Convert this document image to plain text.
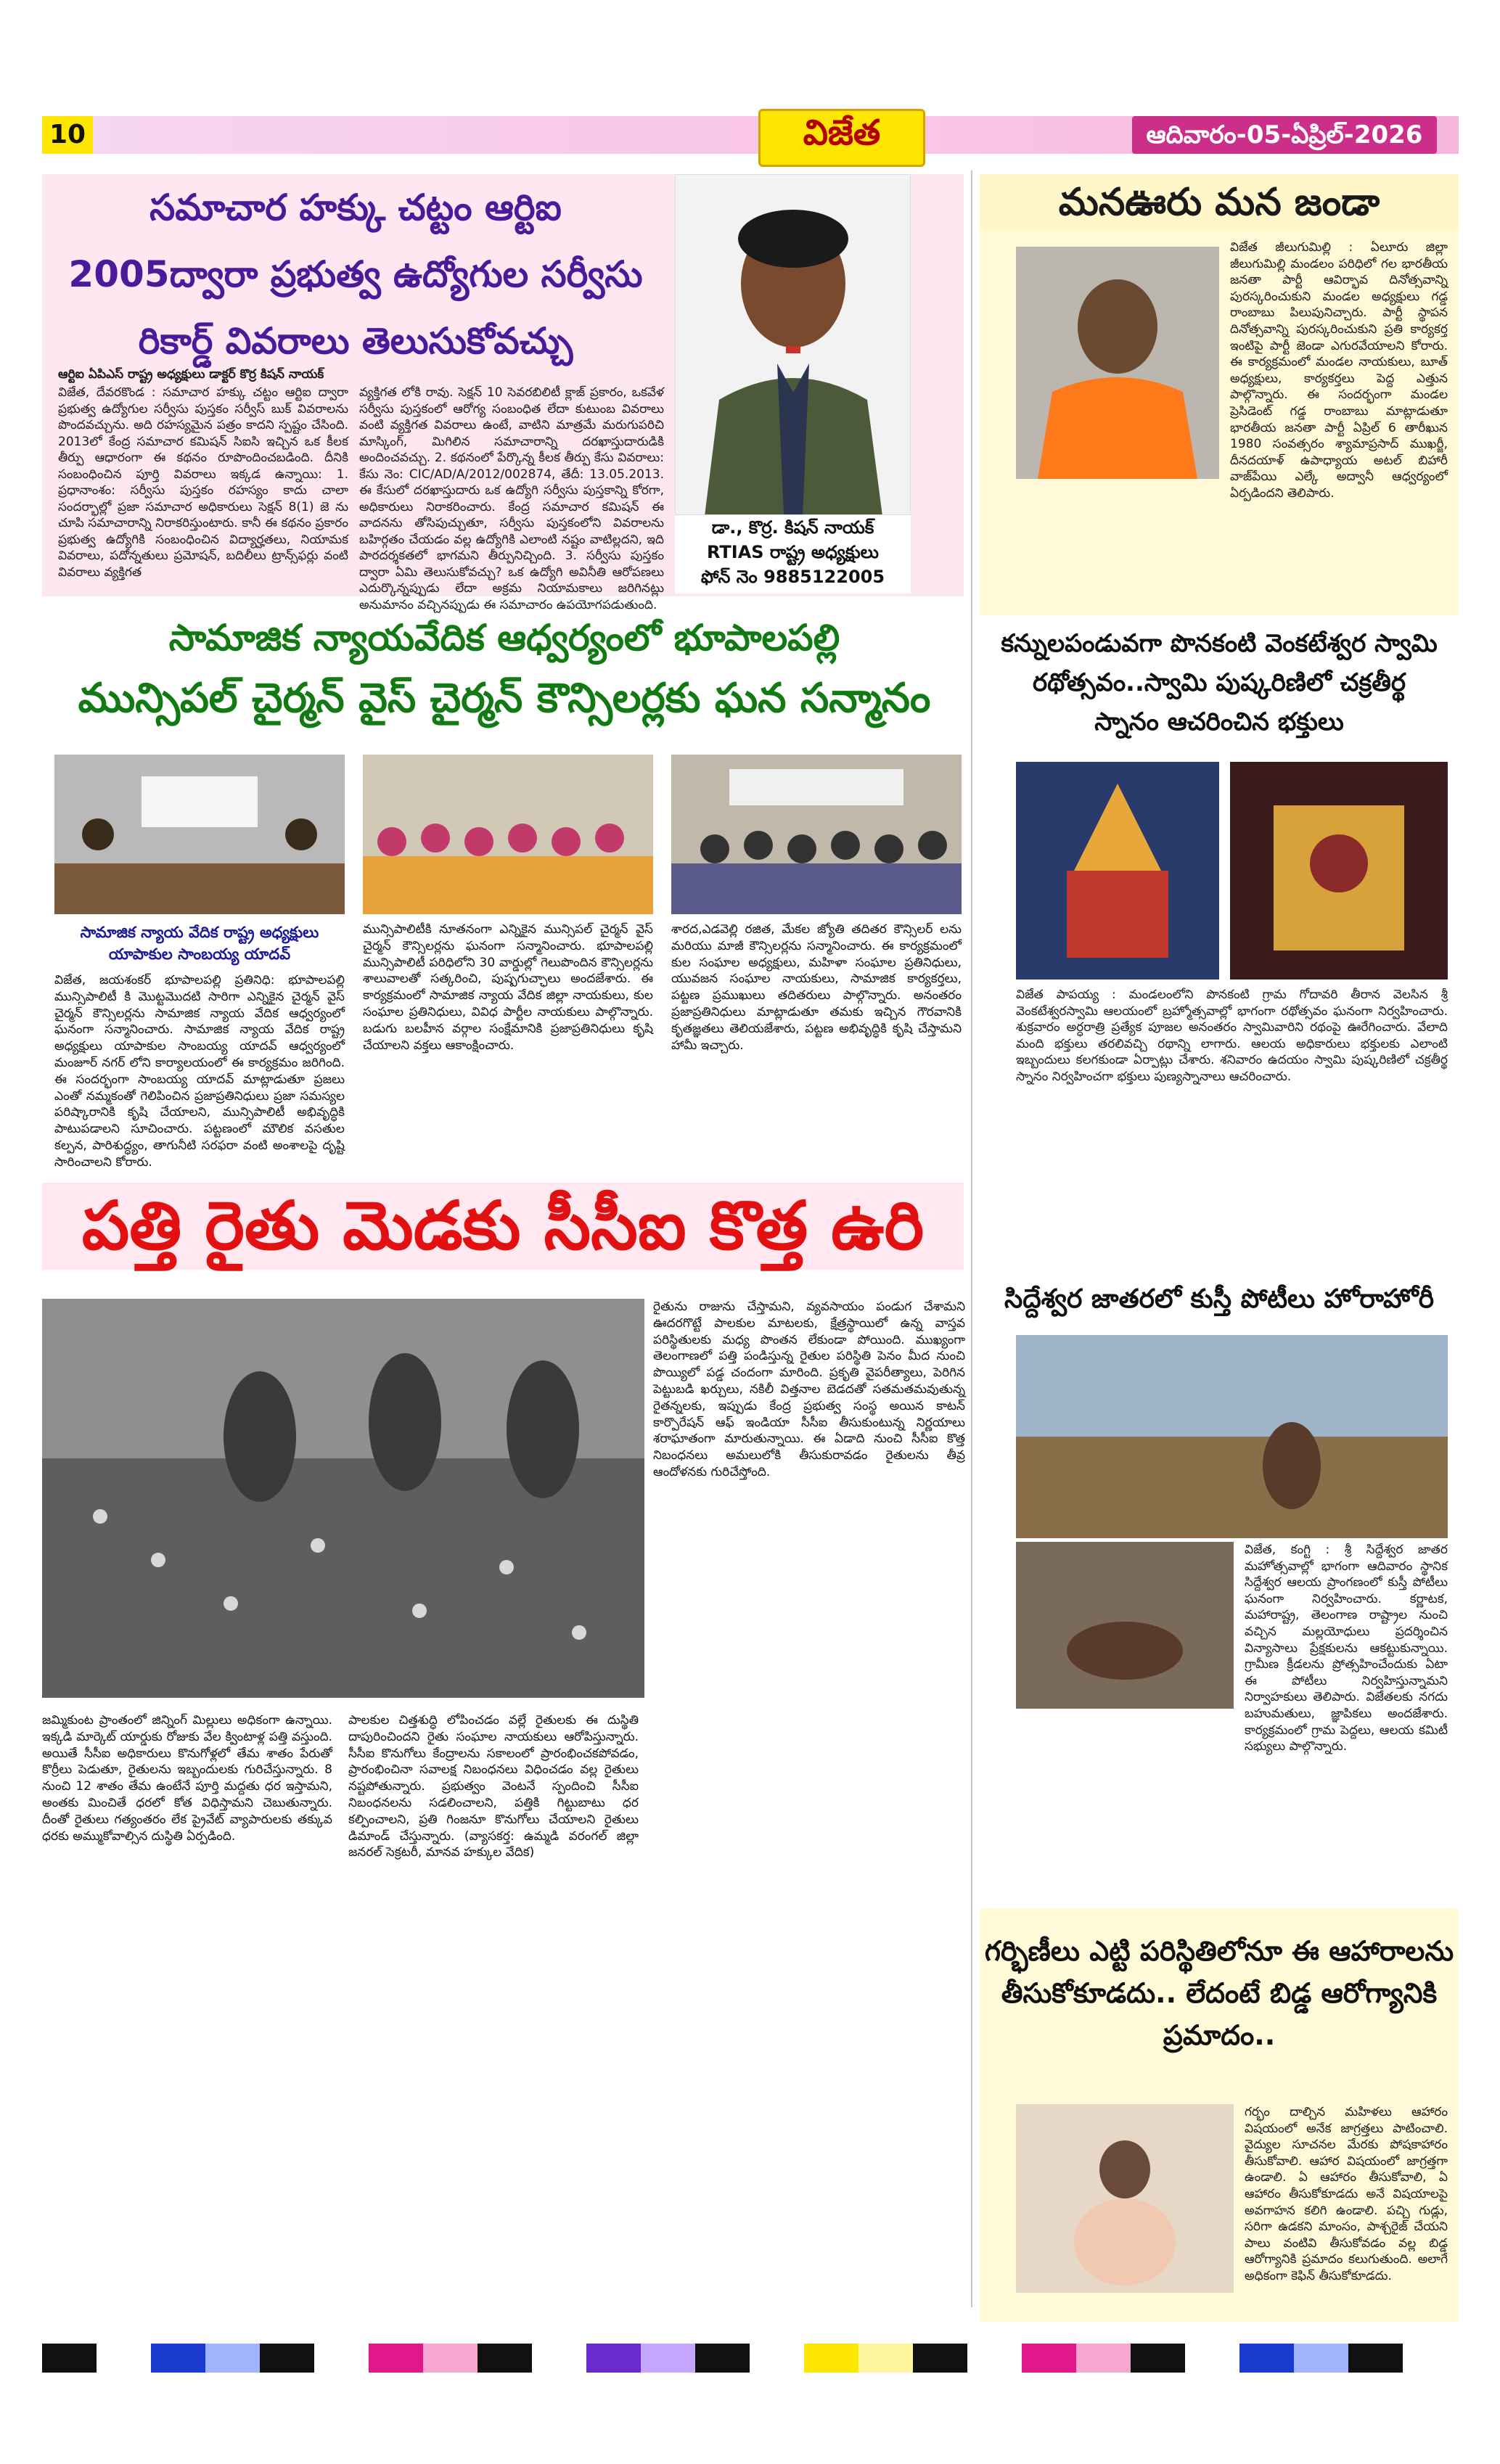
10	విజేత	ఆదివారం-05-ఏప్రిల్-2026
సమాచార హక్కు చట్టం ఆర్టిఐ
2005ద్వారా ప్రభుత్వ ఉద్యోగుల సర్వీసు
రికార్డ్ వివరాలు తెలుసుకోవచ్చు
ఆర్టిఐ ఏపిఎస్ రాష్ట్ర అధ్యక్షులు డాక్టర్ కొర్ర కిషన్ నాయక్
విజేత, దేవరకొండ : సమాచార హక్కు చట్టం ఆర్టిఐ ద్వారా ప్రభుత్వ ఉద్యోగుల సర్వీసు పుస్తకం సర్వీస్ బుక్ వివరాలను పొందవచ్చును. అది రహస్యమైన పత్రం కాదని స్పష్టం చేసింది. 2013లో కేంద్ర సమాచార కమిషన్ సిఐసి ఇచ్చిన ఒక కీలక తీర్పు ఆధారంగా ఈ కథనం రూపొందించబడింది. దీనికి సంబంధించిన పూర్తి వివరాలు ఇక్కడ ఉన్నాయి: 1. ప్రధానాంశం: సర్వీసు పుస్తకం రహస్యం కాదు చాలా సందర్భాల్లో ప్రజా సమాచార అధికారులు సెక్షన్ 8(1) జె ను చూపి సమాచారాన్ని నిరాకరిస్తుంటారు. కానీ ఈ కథనం ప్రకారం ప్రభుత్వ ఉద్యోగికి సంబంధించిన విద్యార్హతలు, నియామక వివరాలు, పదోన్నతులు ప్రమోషన్, బదిలీలు ట్రాన్స్‌ఫర్లు వంటి వివరాలు వ్యక్తిగత
వ్యక్తిగత లోకి రావు. సెక్షన్ 10 సెవరబిలిటీ క్లాజ్ ప్రకారం, ఒకవేళ సర్వీసు పుస్తకంలో ఆరోగ్య సంబంధిత లేదా కుటుంబ వివరాలు వంటి వ్యక్తిగత వివరాలు ఉంటే, వాటిని మాత్రమే మరుగుపరిచి మాస్కింగ్, మిగిలిన సమాచారాన్ని దరఖాస్తుదారుడికి అందించవచ్చు. 2. కథనంలో పేర్కొన్న కీలక తీర్పు కేసు వివరాలు: కేసు నెం: CIC/AD/A/2012/002874, తేదీ: 13.05.2013. ఈ కేసులో దరఖాస్తుదారు ఒక ఉద్యోగి సర్వీసు పుస్తకాన్ని కోరగా, అధికారులు నిరాకరించారు. కేంద్ర సమాచార కమిషన్ ఈ వాదనను తోసిపుచ్చుతూ, సర్వీసు పుస్తకంలోని వివరాలను బహిర్గతం చేయడం వల్ల ఉద్యోగికి ఎలాంటి నష్టం వాటిల్లదని, ఇది పారదర్శకతలో భాగమని తీర్పునిచ్చింది. 3. సర్వీసు పుస్తకం ద్వారా ఏమి తెలుసుకోవచ్చు? ఒక ఉద్యోగి అవినీతి ఆరోపణలు ఎదుర్కొన్నప్పుడు లేదా అక్రమ నియామకాలు జరిగినట్లు అనుమానం వచ్చినప్పుడు ఈ సమాచారం ఉపయోగపడుతుంది.
డా., కొర్ర. కిషన్ నాయక్
RTIAS రాష్ట్ర అధ్యక్షులు
ఫోన్ నెం 9885122005
సామాజిక న్యాయవేదిక ఆధ్వర్యంలో భూపాలపల్లి
మున్సిపల్ చైర్మన్ వైస్ చైర్మన్ కౌన్సిలర్లకు ఘన సన్మానం
సామాజిక న్యాయ వేదిక రాష్ట్ర అధ్యక్షులు
యాపాకుల సాంబయ్య యాదవ్
విజేత, జయశంకర్ భూపాలపల్లి ప్రతినిధి: భూపాలపల్లి మున్సిపాలిటీ కి మొట్టమొదటి సారిగా ఎన్నికైన చైర్మన్ వైస్ చైర్మన్ కౌన్సిలర్లను సామాజిక న్యాయ వేదిక ఆధ్వర్యంలో ఘనంగా సన్మానించారు. సామాజిక న్యాయ వేదిక రాష్ట్ర అధ్యక్షులు యాపాకుల సాంబయ్య యాదవ్ ఆధ్వర్యంలో మంజూర్ నగర్ లోని కార్యాలయంలో ఈ కార్యక్రమం జరిగింది. ఈ సందర్భంగా సాంబయ్య యాదవ్ మాట్లాడుతూ ప్రజలు ఎంతో నమ్మకంతో గెలిపించిన ప్రజాప్రతినిధులు ప్రజా సమస్యల పరిష్కారానికి కృషి చేయాలని, మున్సిపాలిటీ అభివృద్ధికి పాటుపడాలని సూచించారు. పట్టణంలో మౌలిక వసతుల కల్పన, పారిశుద్ధ్యం, తాగునీటి సరఫరా వంటి అంశాలపై దృష్టి సారించాలని కోరారు.
మున్సిపాలిటీకి నూతనంగా ఎన్నికైన మున్సిపల్ చైర్మన్ వైస్ చైర్మన్ కౌన్సిలర్లను ఘనంగా సన్మానించారు. భూపాలపల్లి మున్సిపాలిటీ పరిధిలోని 30 వార్డుల్లో గెలుపొందిన కౌన్సిలర్లను శాలువాలతో సత్కరించి, పుష్పగుచ్ఛాలు అందజేశారు. ఈ కార్యక్రమంలో సామాజిక న్యాయ వేదిక జిల్లా నాయకులు, కుల సంఘాల ప్రతినిధులు, వివిధ పార్టీల నాయకులు పాల్గొన్నారు. బడుగు బలహీన వర్గాల సంక్షేమానికి ప్రజాప్రతినిధులు కృషి చేయాలని వక్తలు ఆకాంక్షించారు.
శారద,ఎడవెల్లి రజిత, మేకల జ్యోతి తదితర కౌన్సిలర్ లను మరియు మాజీ కౌన్సిలర్లను సన్మానించారు. ఈ కార్యక్రమంలో కుల సంఘాల అధ్యక్షులు, మహిళా సంఘాల ప్రతినిధులు, యువజన సంఘాల నాయకులు, సామాజిక కార్యకర్తలు, పట్టణ ప్రముఖులు తదితరులు పాల్గొన్నారు. అనంతరం ప్రజాప్రతినిధులు మాట్లాడుతూ తమకు ఇచ్చిన గౌరవానికి కృతజ్ఞతలు తెలియజేశారు, పట్టణ అభివృద్ధికి కృషి చేస్తామని హామీ ఇచ్చారు.
పత్తి రైతు మెడకు సీసీఐ కొత్త ఉరి
రైతును రాజును చేస్తామని, వ్యవసాయం పండుగ చేశామని ఊదరగొట్టే పాలకుల మాటలకు, క్షేత్రస్థాయిలో ఉన్న వాస్తవ పరిస్థితులకు మధ్య పొంతన లేకుండా పోయింది. ముఖ్యంగా తెలంగాణలో పత్తి పండిస్తున్న రైతుల పరిస్థితి పెనం మీద నుంచి పొయ్యిలో పడ్డ చందంగా మారింది. ప్రకృతి వైపరీత్యాలు, పెరిగిన పెట్టుబడి ఖర్చులు, నకిలీ విత్తనాల బెడదతో సతమతమవుతున్న రైతన్నలకు, ఇప్పుడు కేంద్ర ప్రభుత్వ సంస్థ అయిన కాటన్ కార్పొరేషన్ ఆఫ్ ఇండియా సీసీఐ తీసుకుంటున్న నిర్ణయాలు శరాఘాతంగా మారుతున్నాయి. ఈ ఏడాది నుంచి సీసీఐ కొత్త నిబంధనలు అమలులోకి తీసుకురావడం రైతులను తీవ్ర ఆందోళనకు గురిచేస్తోంది.
జమ్మికుంట ప్రాంతంలో జిన్నింగ్ మిల్లులు అధికంగా ఉన్నాయి. ఇక్కడి మార్కెట్ యార్డుకు రోజుకు వేల క్వింటాళ్ల పత్తి వస్తుంది. అయితే సీసీఐ అధికారులు కొనుగోళ్లలో తేమ శాతం పేరుతో కొర్రీలు పెడుతూ, రైతులను ఇబ్బందులకు గురిచేస్తున్నారు. 8 నుంచి 12 శాతం తేమ ఉంటేనే పూర్తి మద్దతు ధర ఇస్తామని, అంతకు మించితే ధరలో కోత విధిస్తామని చెబుతున్నారు. దీంతో రైతులు గత్యంతరం లేక ప్రైవేట్ వ్యాపారులకు తక్కువ ధరకు అమ్ముకోవాల్సిన దుస్థితి ఏర్పడింది.
పాలకుల చిత్తశుద్ధి లోపించడం వల్లే రైతులకు ఈ దుస్థితి దాపురించిందని రైతు సంఘాల నాయకులు ఆరోపిస్తున్నారు. సీసీఐ కొనుగోలు కేంద్రాలను సకాలంలో ప్రారంభించకపోవడం, ప్రారంభించినా సవాలక్ష నిబంధనలు విధించడం వల్ల రైతులు నష్టపోతున్నారు. ప్రభుత్వం వెంటనే స్పందించి సీసీఐ నిబంధనలను సడలించాలని, పత్తికి గిట్టుబాటు ధర కల్పించాలని, ప్రతి గింజనూ కొనుగోలు చేయాలని రైతులు డిమాండ్ చేస్తున్నారు. (వ్యాసకర్త: ఉమ్మడి వరంగల్ జిల్లా జనరల్ సెక్రటరీ, మానవ హక్కుల వేదిక)
మనఊరు మన జండా
విజేత జీలుగుమిల్లి : ఏలూరు జిల్లా జీలుగుమిల్లి మండలం పరిధిలో గల భారతీయ జనతా పార్టీ ఆవిర్భావ దినోత్సవాన్ని పురస్కరించుకుని మండల అధ్యక్షులు గడ్డ రాంబాబు పిలుపునిచ్చారు. పార్టీ స్థాపన దినోత్సవాన్ని పురస్కరించుకుని ప్రతి కార్యకర్త ఇంటిపై పార్టీ జెండా ఎగురవేయాలని కోరారు. ఈ కార్యక్రమంలో మండల నాయకులు, బూత్ అధ్యక్షులు, కార్యకర్తలు పెద్ద ఎత్తున పాల్గొన్నారు. ఈ సందర్భంగా మండల ప్రెసిడెంట్ గడ్డ రాంబాబు మాట్లాడుతూ భారతీయ జనతా పార్టీ ఏప్రిల్ 6 తారీఖున 1980 సంవత్సరం శ్యామాప్రసాద్ ముఖర్జీ, దీనదయాళ్ ఉపాధ్యాయ అటల్ బిహారీ వాజ్‌పేయి ఎల్కే అద్వానీ ఆధ్వర్యంలో ఏర్పడిందని తెలిపారు.
కన్నులపండువగా పొనకంటి వెంకటేశ్వర స్వామి
రథోత్సవం..స్వామి పుష్కరిణిలో చక్రతీర్థ
స్నానం ఆచరించిన భక్తులు
విజేత పాపయ్య : మండలంలోని పొనకంటి గ్రామ గోదావరి తీరాన వెలసిన శ్రీ వెంకటేశ్వరస్వామి ఆలయంలో బ్రహ్మోత్సవాల్లో భాగంగా రథోత్సవం ఘనంగా నిర్వహించారు. శుక్రవారం అర్ధరాత్రి ప్రత్యేక పూజల అనంతరం స్వామివారిని రథంపై ఊరేగించారు. వేలాది మంది భక్తులు తరలివచ్చి రథాన్ని లాగారు. ఆలయ అధికారులు భక్తులకు ఎలాంటి ఇబ్బందులు కలగకుండా ఏర్పాట్లు చేశారు. శనివారం ఉదయం స్వామి పుష్కరిణిలో చక్రతీర్థ స్నానం నిర్వహించగా భక్తులు పుణ్యస్నానాలు ఆచరించారు.
సిద్దేశ్వర జాతరలో కుస్తీ పోటీలు హోరాహోరీ
విజేత, కంగ్టి : శ్రీ సిద్దేశ్వర జాతర మహోత్సవాల్లో భాగంగా ఆదివారం స్థానిక సిద్దేశ్వర ఆలయ ప్రాంగణంలో కుస్తీ పోటీలు ఘనంగా నిర్వహించారు. కర్ణాటక, మహారాష్ట్ర, తెలంగాణ రాష్ట్రాల నుంచి వచ్చిన మల్లయోధులు ప్రదర్శించిన విన్యాసాలు ప్రేక్షకులను ఆకట్టుకున్నాయి. గ్రామీణ క్రీడలను ప్రోత్సహించేందుకు ఏటా ఈ పోటీలు నిర్వహిస్తున్నామని నిర్వాహకులు తెలిపారు. విజేతలకు నగదు బహుమతులు, జ్ఞాపికలు అందజేశారు. కార్యక్రమంలో గ్రామ పెద్దలు, ఆలయ కమిటీ సభ్యులు పాల్గొన్నారు.
గర్భిణీలు ఎట్టి పరిస్థితిలోనూ ఈ ఆహారాలను
తీసుకోకూడదు.. లేదంటే బిడ్డ ఆరోగ్యానికి
ప్రమాదం..
గర్భం దాల్చిన మహిళలు ఆహారం విషయంలో అనేక జాగ్రత్తలు పాటించాలి. వైద్యుల సూచనల మేరకు పోషకాహారం తీసుకోవాలి. ఆహార విషయంలో జాగ్రత్తగా ఉండాలి. ఏ ఆహారం తీసుకోవాలి, ఏ ఆహారం తీసుకోకూడదు అనే విషయాలపై అవగాహన కలిగి ఉండాలి. పచ్చి గుడ్లు, సరిగా ఉడకని మాంసం, పాశ్చరైజ్ చేయని పాలు వంటివి తీసుకోవడం వల్ల బిడ్డ ఆరోగ్యానికి ప్రమాదం కలుగుతుంది. అలాగే అధికంగా కెఫిన్ తీసుకోకూడదు.
